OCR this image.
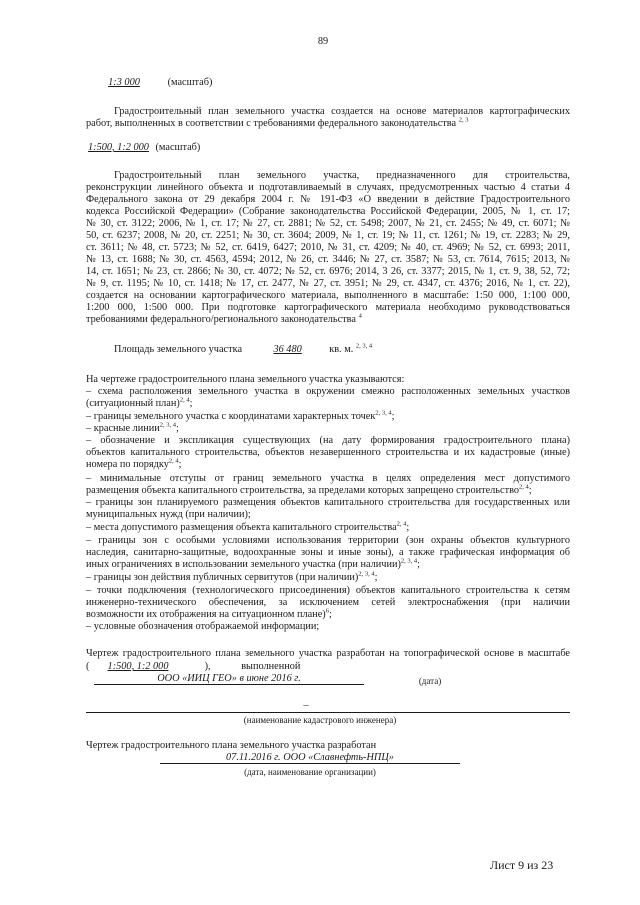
89
1:3 000	(масштаб)
Градостроительный план земельного участка создается на основе материалов картографических
работ, выполненных в соответствии с требованиями федерального законодательства $^{2, 3}$
1:500, 1:2 000 (масштаб)
Градостроительный план земельного участка, предназначенного для строительства,
реконструкции линейного объекта и подготавливаемый в случаях, предусмотренных частью 4 статьи 4
Федерального закона от 29 декабря 2004 г. № 191-ФЗ «О введении в действие Градостроительного
кодекса Российской Федерации» (Собрание законодательства Российской Федерации, 2005, № 1, ст. 17;
№ 30, ст. 3122; 2006, № 1, ст. 17; № 27, ст. 2881; № 52, ст. 5498; 2007, № 21, ст. 2455; № 49, ст. 6071; №
50, ст. 6237; 2008, № 20, ст. 2251; № 30, ст. 3604; 2009, № 1, ст. 19; № 11, ст. 1261; № 19, ст. 2283; № 29,
ст. 3611; № 48, ст. 5723; № 52, ст. 6419, 6427; 2010, № 31, ст. 4209; № 40, ст. 4969; № 52, ст. 6993; 2011,
№ 13, ст. 1688; № 30, ст. 4563, 4594; 2012, № 26, ст. 3446; № 27, ст. 3587; № 53, ст. 7614, 7615; 2013, №
14, ст. 1651; № 23, ст. 2866; № 30, ст. 4072; № 52, ст. 6976; 2014, 3 26, ст. 3377; 2015, № 1, ст. 9, 38, 52, 72;
№ 9, ст. 1195; № 10, ст. 1418; № 17, ст. 2477, № 27, ст. 3951; № 29, ст. 4347, ст. 4376; 2016, № 1, ст. 22),
создается на основании картографического материала, выполненного в масштабе: 1:50 000, 1:100 000,
1:200 000, 1:500 000. При подготовке картографического материала необходимо руководствоваться
требованиями федерального/регионального законодательства $^4$
Площадь земельного участка	36 480	кв. м. $^{2, 3, 4}$
На чертеже градостроительного плана земельного участка указываются:
– схема расположения земельного участка в окружении смежно расположенных земельных участков
(ситуационный план)$^{2, 4}$;
– границы земельного участка с координатами характерных точек$^{2, 3, 4}$;
– красные линии$^{2, 3, 4}$;
– обозначение и экспликация существующих (на дату формирования градостроительного плана)
объектов капитального строительства, объектов незавершенного строительства и их кадастровые (иные)
номера по порядку$^{2, 4}$;
– минимальные отступы от границ земельного участка в целях определения мест допустимого
размещения объекта капитального строительства, за пределами которых запрещено строительство$^{2, 4}$;
– границы зон планируемого размещения объектов капитального строительства для государственных или
муниципальных нужд (при наличии);
– места допустимого размещения объекта капитального строительства$^{2, 4}$;
– границы зон с особыми условиями использования территории (зон охраны объектов культурного
наследия, санитарно-защитные, водоохранные зоны и иные зоны), а также графическая информация об
иных ограничениях в использовании земельного участка (при наличии)$^{2, 3, 4}$;
– границы зон действия публичных сервитутов (при наличии)$^{2, 3, 4}$;
– точки подключения (технологического присоединения) объектов капитального строительства к сетям
инженерно-технического обеспечения, за исключением сетей электроснабжения (при наличии
возможности их отображения на ситуационном плане)$^6$;
– условные обозначения отображаемой информации;
Чертеж градостроительного плана земельного участка разработан на топографической основе в масштабе
( 1:500, 1:2 000	),	выполненной ООО «ИИЦ ГЕО» в июне 2016 г.	(дата)
–
(наименование кадастрового инженера)
Чертеж градостроительного плана земельного участка разработан
07.11.2016 г. ООО «Славнефть-НПЦ»
(дата, наименование организации)
Лист 9 из 23
